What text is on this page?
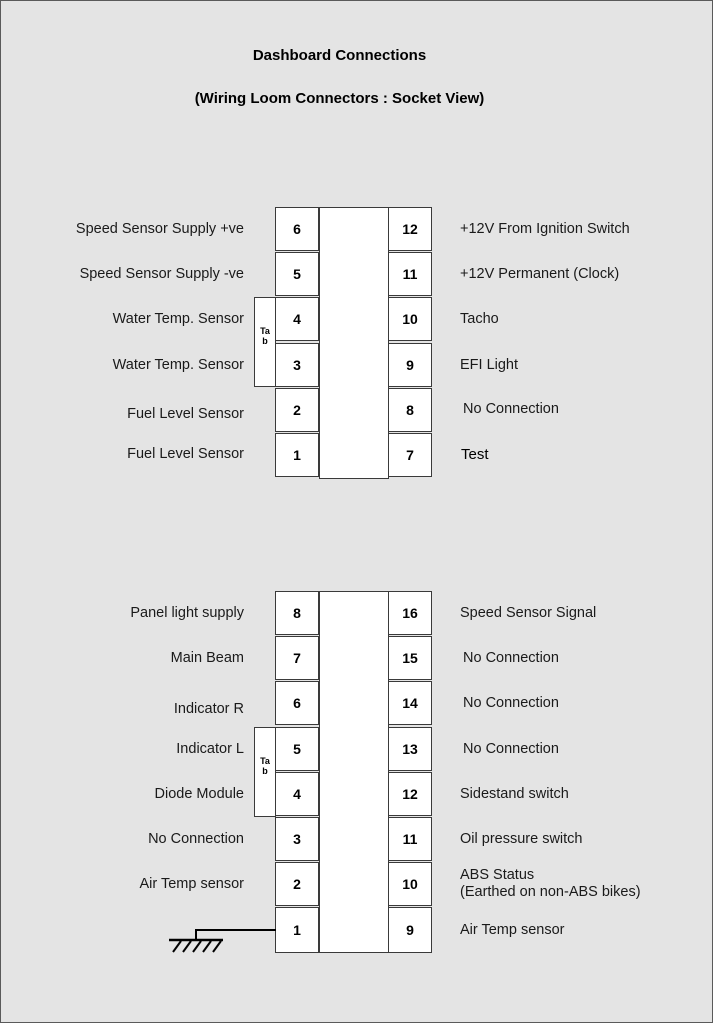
Dashboard Connections
(Wiring Loom Connectors : Socket View)
6
5
4
3
2
1
12
11
10
9
8
7
Tab
Speed Sensor Supply +ve
Speed Sensor Supply -ve
Water Temp. Sensor
Water Temp. Sensor
Fuel Level Sensor
Fuel Level Sensor
+12V From Ignition Switch
+12V Permanent (Clock)
Tacho
EFI Light
No Connection
Test
8
7
6
5
4
3
2
1
16
15
14
13
12
11
10
9
Tab
Panel light supply
Main Beam
Indicator R
Indicator L
Diode Module
No Connection
Air Temp sensor
Speed Sensor Signal
No Connection
No Connection
No Connection
Sidestand switch
Oil pressure switch
ABS Status
(Earthed on non-ABS bikes)
Air Temp sensor
